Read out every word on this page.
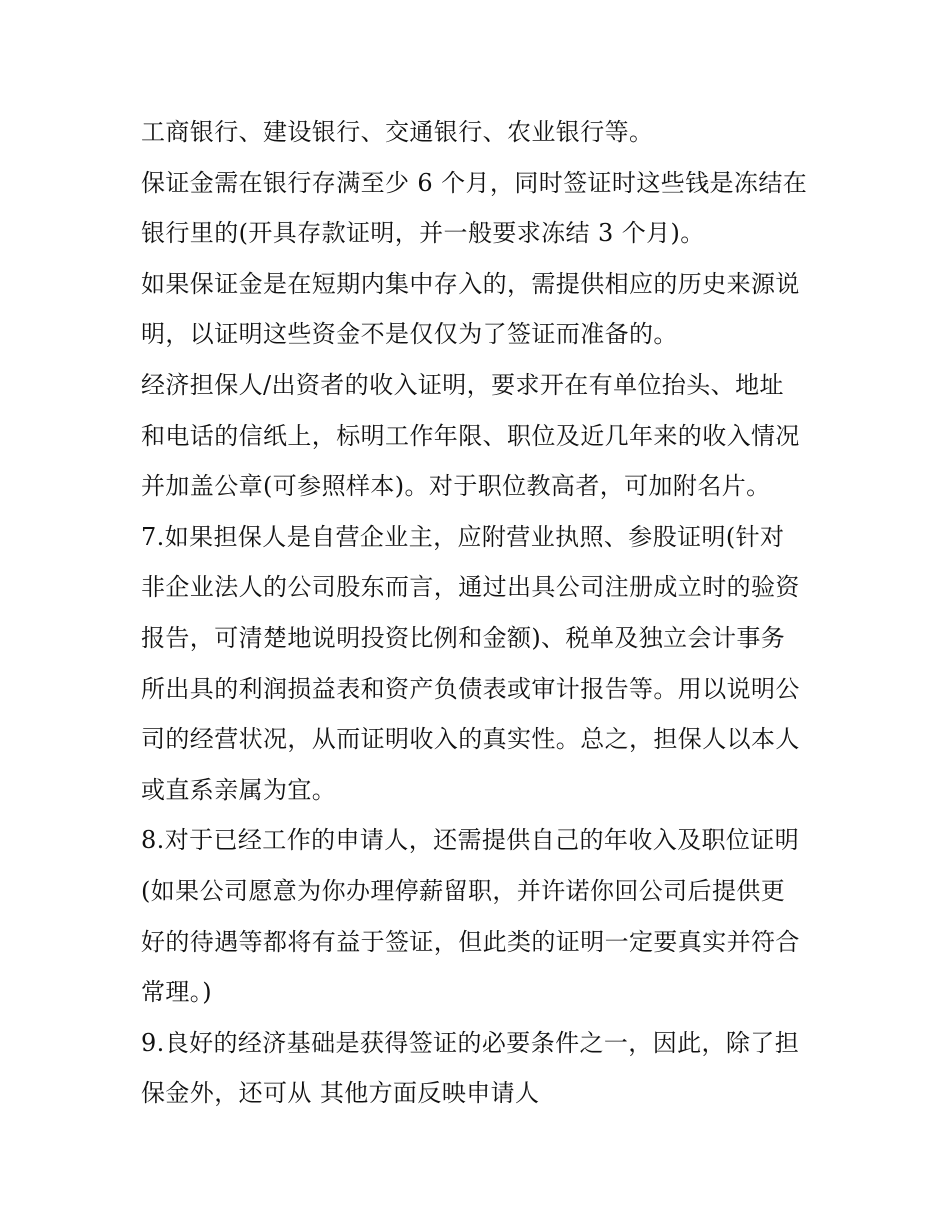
工商银行、建设银行、交通银行、农业银行等。
保证金需在银行存满至少 6 个月，同时签证时这些钱是冻结在
银行里的(开具存款证明，并一般要求冻结 3 个月)。
如果保证金是在短期内集中存入的，需提供相应的历史来源说
明，以证明这些资金不是仅仅为了签证而准备的。
经济担保人/出资者的收入证明，要求开在有单位抬头、地址
和电话的信纸上，标明工作年限、职位及近几年来的收入情况
并加盖公章(可参照样本)。对于职位教高者，可加附名片。
7.如果担保人是自营企业主，应附营业执照、参股证明(针对
非企业法人的公司股东而言，通过出具公司注册成立时的验资
报告，可清楚地说明投资比例和金额)、税单及独立会计事务
所出具的利润损益表和资产负债表或审计报告等。用以说明公
司的经营状况，从而证明收入的真实性。总之，担保人以本人
或直系亲属为宜。
8.对于已经工作的申请人，还需提供自己的年收入及职位证明
(如果公司愿意为你办理停薪留职，并许诺你回公司后提供更
好的待遇等都将有益于签证，但此类的证明一定要真实并符合
常理。)
9.良好的经济基础是获得签证的必要条件之一，因此，除了担
保金外，还可从 其他方面反映申请人
